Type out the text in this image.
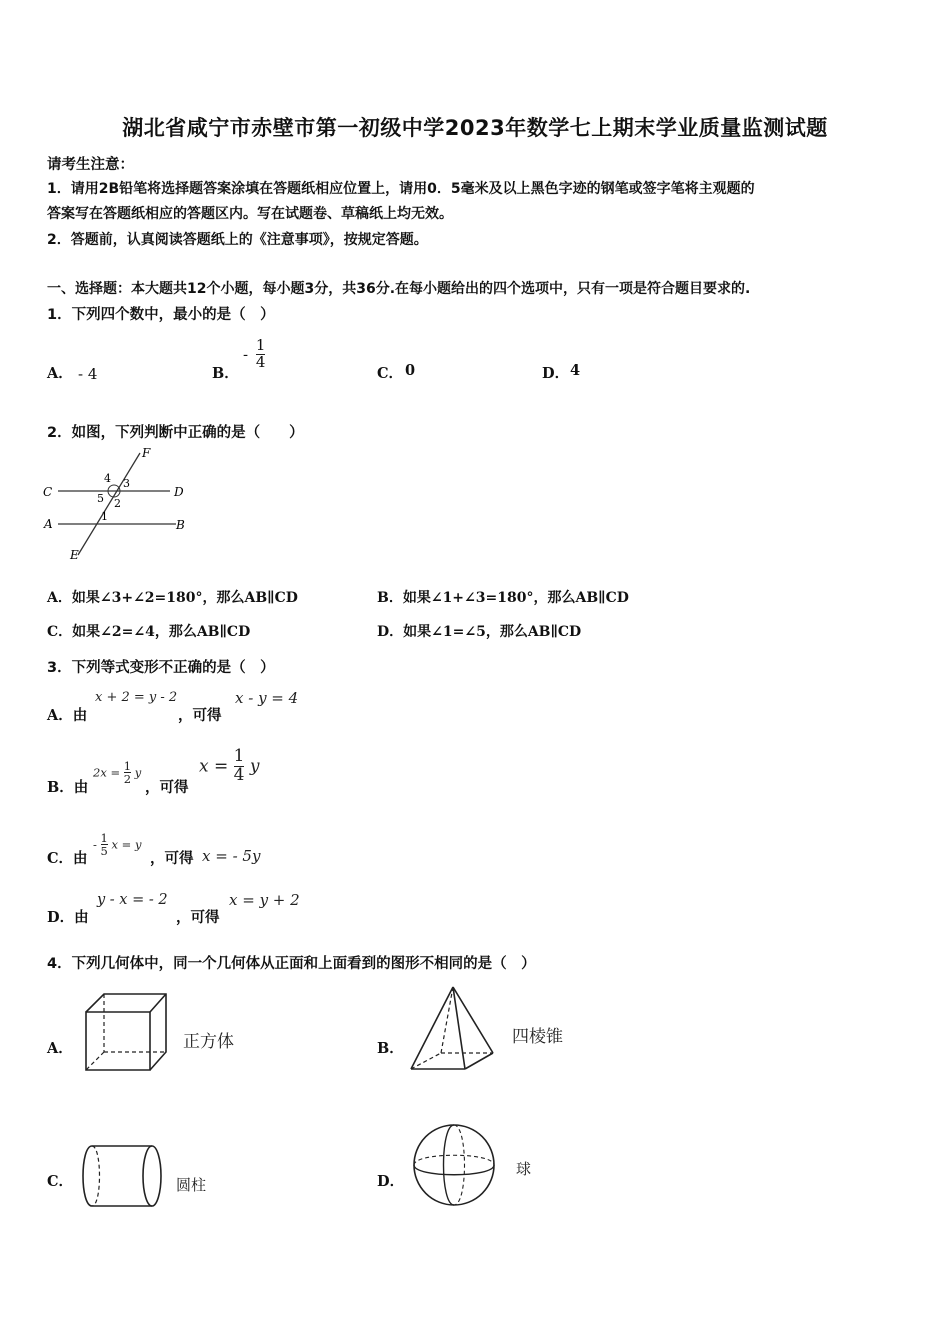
湖北省咸宁市赤壁市第一初级中学2023年数学七上期末学业质量监测试题
请考生注意：
1．请用2B铅笔将选择题答案涂填在答题纸相应位置上，请用0．5毫米及以上黑色字迹的钢笔或签字笔将主观题的
答案写在答题纸相应的答题区内。写在试题卷、草稿纸上均无效。
2．答题前，认真阅读答题纸上的《注意事项》，按规定答题。
一、选择题：本大题共12个小题，每小题3分，共36分.在每小题给出的四个选项中，只有一项是符合题目要求的.
1．下列四个数中，最小的是（　）
A． - 4	B．
- $\frac{1}{4}$
C． 0	D． 4
2．如图，下列判断中正确的是（　　）
F
C	D
A	B
E
4 3
5 2
1
A．如果∠3+∠2=180°，那么AB∥CD	B．如果∠1+∠3=180°，那么AB∥CD
C．如果∠2=∠4，那么AB∥CD	D．如果∠1=∠5，那么AB∥CD
3．下列等式变形不正确的是（　）
A．由
x + 2 = y - 2
，可得
x - y = 4
B．由
$2x = \frac{1}{2}$ y
，可得
$x = \frac{1}{4}$ y
C．由
- $\frac{1}{5}$ x = y
，可得 x = - 5y
D．由
y - x = - 2
，可得
x = y + 2
4．下列几何体中，同一个几何体从正面和上面看到的图形不相同的是（　）
A．	正方体	B．
四棱锥
C．	圆柱	D．
球
